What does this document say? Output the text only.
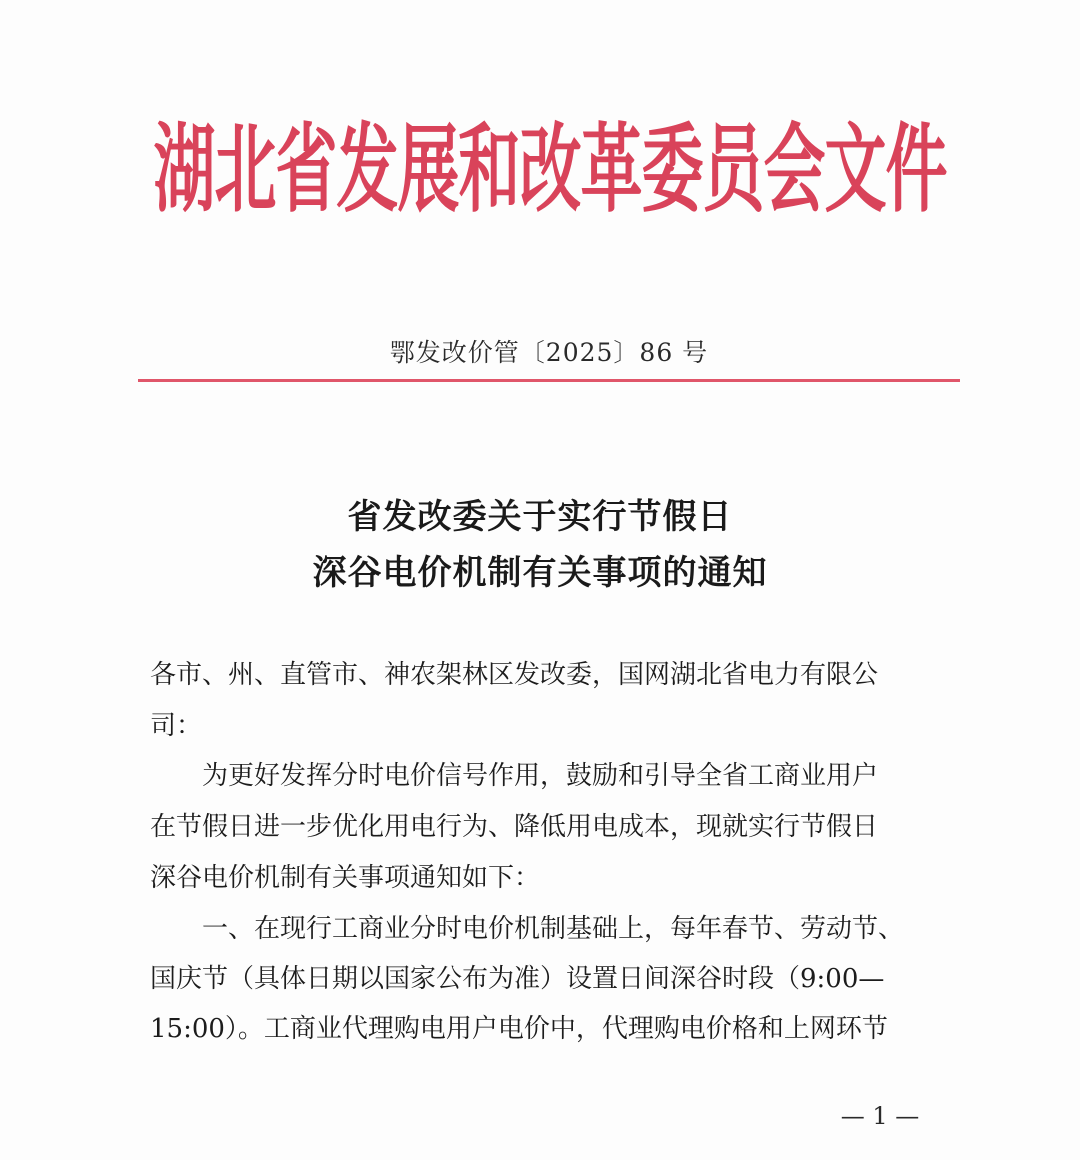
湖北省发展和改革委员会文件
鄂发改价管〔2025〕86 号
省发改委关于实行节假日
深谷电价机制有关事项的通知
各市、州、直管市、神农架林区发改委，国网湖北省电力有限公
司：
　　为更好发挥分时电价信号作用，鼓励和引导全省工商业用户
在节假日进一步优化用电行为、降低用电成本，现就实行节假日
深谷电价机制有关事项通知如下：
　　一、在现行工商业分时电价机制基础上，每年春节、劳动节、
国庆节（具体日期以国家公布为准）设置日间深谷时段（9:00—
15:00）。工商业代理购电用户电价中，代理购电价格和上网环节
— 1 —
